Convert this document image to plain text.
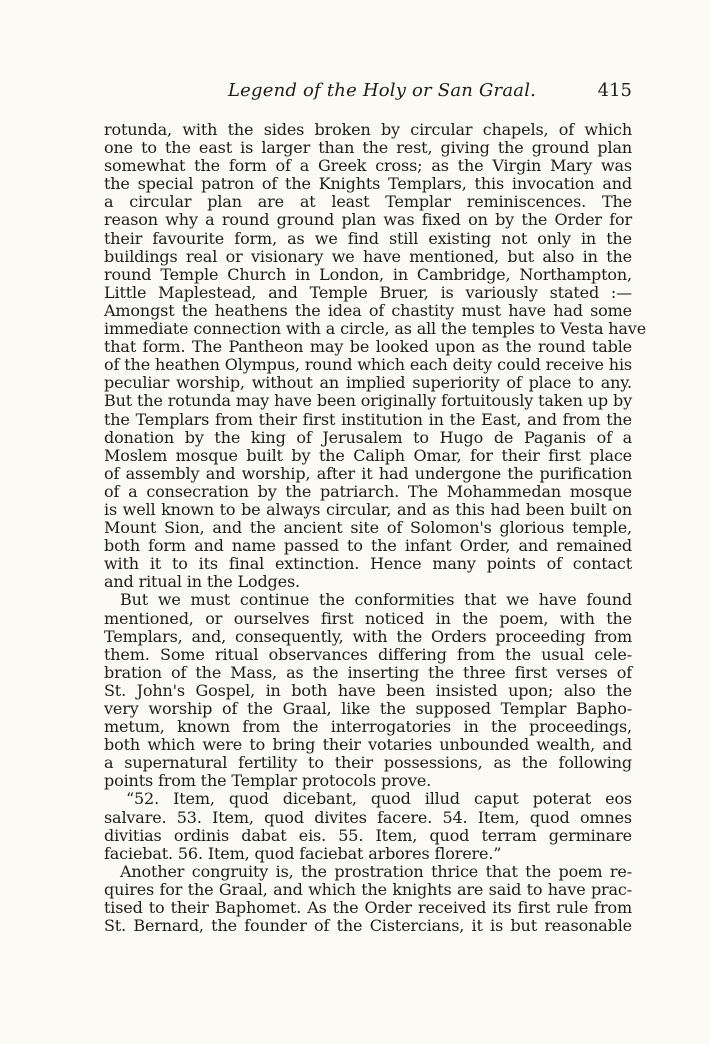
Legend of the Holy or San Graal.	415
rotunda, with the sides broken by circular chapels, of which
one to the east is larger than the rest, giving the ground plan
somewhat the form of a Greek cross; as the Virgin Mary was
the special patron of the Knights Templars, this invocation and
a circular plan are at least Templar reminiscences. The
reason why a round ground plan was fixed on by the Order for
their favourite form, as we find still existing not only in the
buildings real or visionary we have mentioned, but also in the
round Temple Church in London, in Cambridge, Northampton,
Little Maplestead, and Temple Bruer, is variously stated :—
Amongst the heathens the idea of chastity must have had some
immediate connection with a circle, as all the temples to Vesta have
that form. The Pantheon may be looked upon as the round table
of the heathen Olympus, round which each deity could receive his
peculiar worship, without an implied superiority of place to any.
But the rotunda may have been originally fortuitously taken up by
the Templars from their first institution in the East, and from the
donation by the king of Jerusalem to Hugo de Paganis of a
Moslem mosque built by the Caliph Omar, for their first place
of assembly and worship, after it had undergone the purification
of a consecration by the patriarch. The Mohammedan mosque
is well known to be always circular, and as this had been built on
Mount Sion, and the ancient site of Solomon's glorious temple,
both form and name passed to the infant Order, and remained
with it to its final extinction. Hence many points of contact
and ritual in the Lodges.
But we must continue the conformities that we have found
mentioned, or ourselves first noticed in the poem, with the
Templars, and, consequently, with the Orders proceeding from
them. Some ritual observances differing from the usual cele-
bration of the Mass, as the inserting the three first verses of
St. John's Gospel, in both have been insisted upon; also the
very worship of the Graal, like the supposed Templar Bapho-
metum, known from the interrogatories in the proceedings,
both which were to bring their votaries unbounded wealth, and
a supernatural fertility to their possessions, as the following
points from the Templar protocols prove.
“52. Item, quod dicebant, quod illud caput poterat eos
salvare. 53. Item, quod divites facere. 54. Item, quod omnes
divitias ordinis dabat eis. 55. Item, quod terram germinare
faciebat. 56. Item, quod faciebat arbores florere.”
Another congruity is, the prostration thrice that the poem re-
quires for the Graal, and which the knights are said to have prac-
tised to their Baphomet. As the Order received its first rule from
St. Bernard, the founder of the Cistercians, it is but reasonable
